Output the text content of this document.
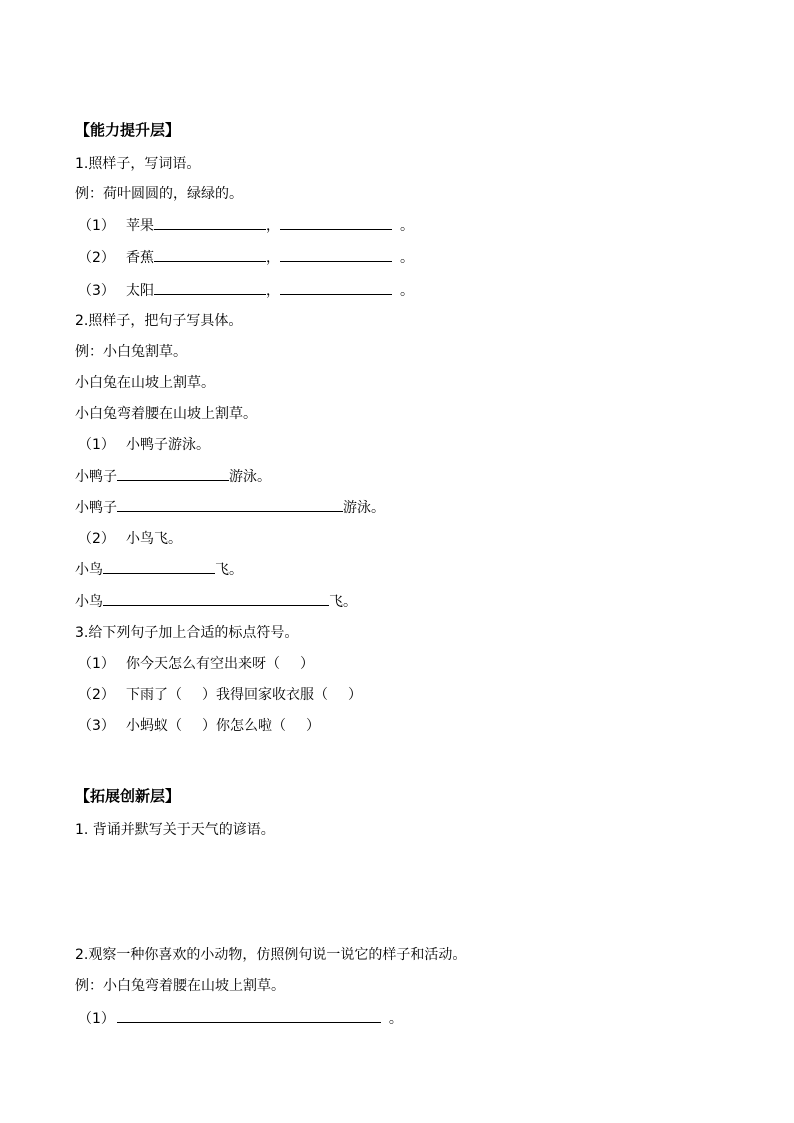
【能力提升层】
1.照样子，写词语。
例：荷叶圆圆的，绿绿的。
（1） 苹果	，	。
（2） 香蕉	，	。
（3） 太阳	，	。
2.照样子，把句子写具体。
例：小白兔割草。
小白兔在山坡上割草。
小白兔弯着腰在山坡上割草。
（1） 小鸭子游泳。
小鸭子	游泳。
小鸭子	游泳。
（2） 小鸟飞。
小鸟	飞。
小鸟	飞。
3.给下列句子加上合适的标点符号。
（1） 你今天怎么有空出来呀（ ）
（2） 下雨了（ ）我得回家收衣服（ ）
（3） 小蚂蚁（ ）你怎么啦（ ）
【拓展创新层】
1. 背诵并默写关于天气的谚语。
2.观察一种你喜欢的小动物，仿照例句说一说它的样子和活动。
例：小白兔弯着腰在山坡上割草。
（1）	。
